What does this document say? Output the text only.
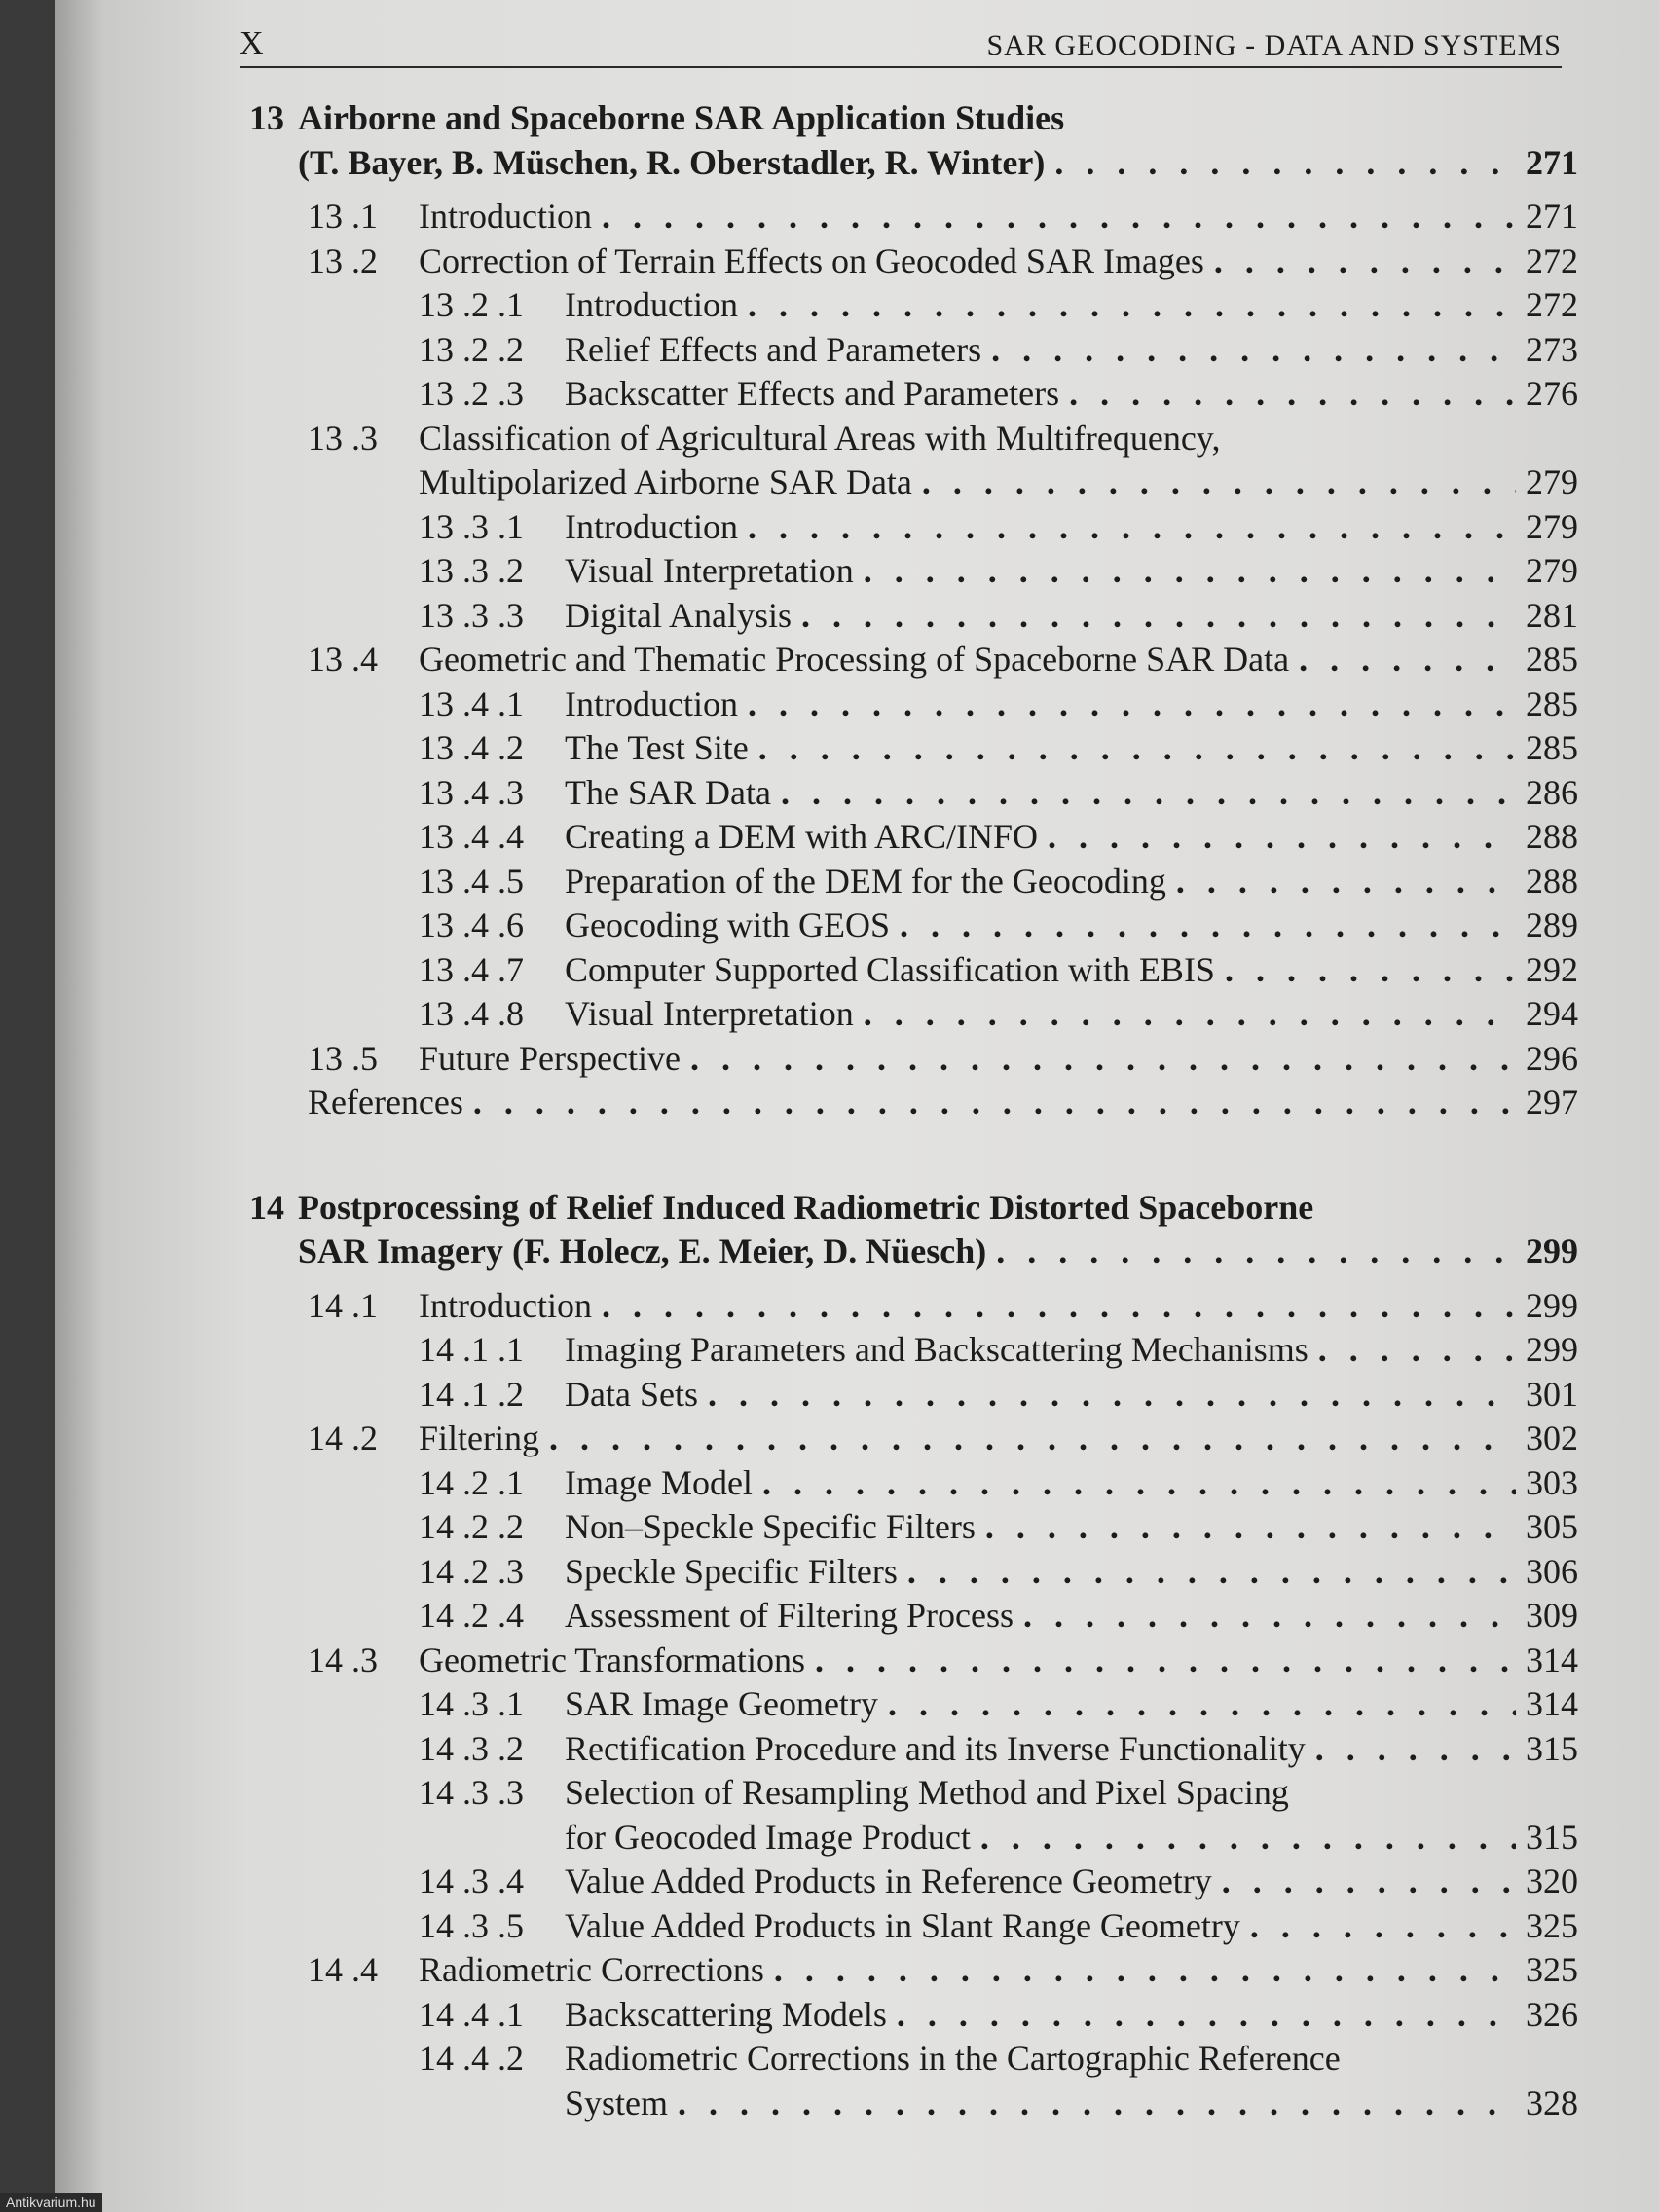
X	SAR GEOCODING - DATA AND SYSTEMS
13 Airborne and Spaceborne SAR Application Studies
(T. Bayer, B. Müschen, R. Oberstadler, R. Winter) . . .	271
13 .1 Introduction . . .	271
13 .2 Correction of Terrain Effects on Geocoded SAR Images . . .	272
13 .2 .1 Introduction . . .	272
13 .2 .2 Relief Effects and Parameters . . .	273
13 .2 .3 Backscatter Effects and Parameters . . .	276
13 .3 Classification of Agricultural Areas with Multifrequency,
Multipolarized Airborne SAR Data . . .	279
13 .3 .1 Introduction . . .	279
13 .3 .2 Visual Interpretation . . .	279
13 .3 .3 Digital Analysis . . .	281
13 .4 Geometric and Thematic Processing of Spaceborne SAR Data . . .	285
13 .4 .1 Introduction . . .	285
13 .4 .2 The Test Site . . .	285
13 .4 .3 The SAR Data . . .	286
13 .4 .4 Creating a DEM with ARC/INFO . . .	288
13 .4 .5 Preparation of the DEM for the Geocoding . . .	288
13 .4 .6 Geocoding with GEOS . . .	289
13 .4 .7 Computer Supported Classification with EBIS . . .	292
13 .4 .8 Visual Interpretation . . .	294
13 .5 Future Perspective . . .	296
References . . .	297
14 Postprocessing of Relief Induced Radiometric Distorted Spaceborne
SAR Imagery (F. Holecz, E. Meier, D. Nüesch) . . .	299
14 .1 Introduction . . .	299
14 .1 .1 Imaging Parameters and Backscattering Mechanisms . . .	299
14 .1 .2 Data Sets . . .	301
14 .2 Filtering . . .	302
14 .2 .1 Image Model . . .	303
14 .2 .2 Non–Speckle Specific Filters . . .	305
14 .2 .3 Speckle Specific Filters . . .	306
14 .2 .4 Assessment of Filtering Process . . .	309
14 .3 Geometric Transformations . . .	314
14 .3 .1 SAR Image Geometry . . .	314
14 .3 .2 Rectification Procedure and its Inverse Functionality . . .	315
14 .3 .3 Selection of Resampling Method and Pixel Spacing
for Geocoded Image Product . . .	315
14 .3 .4 Value Added Products in Reference Geometry . . .	320
14 .3 .5 Value Added Products in Slant Range Geometry . . .	325
14 .4 Radiometric Corrections . . .	325
14 .4 .1 Backscattering Models . . .	326
14 .4 .2 Radiometric Corrections in the Cartographic Reference
System . . .	328
Antikvarium.hu
